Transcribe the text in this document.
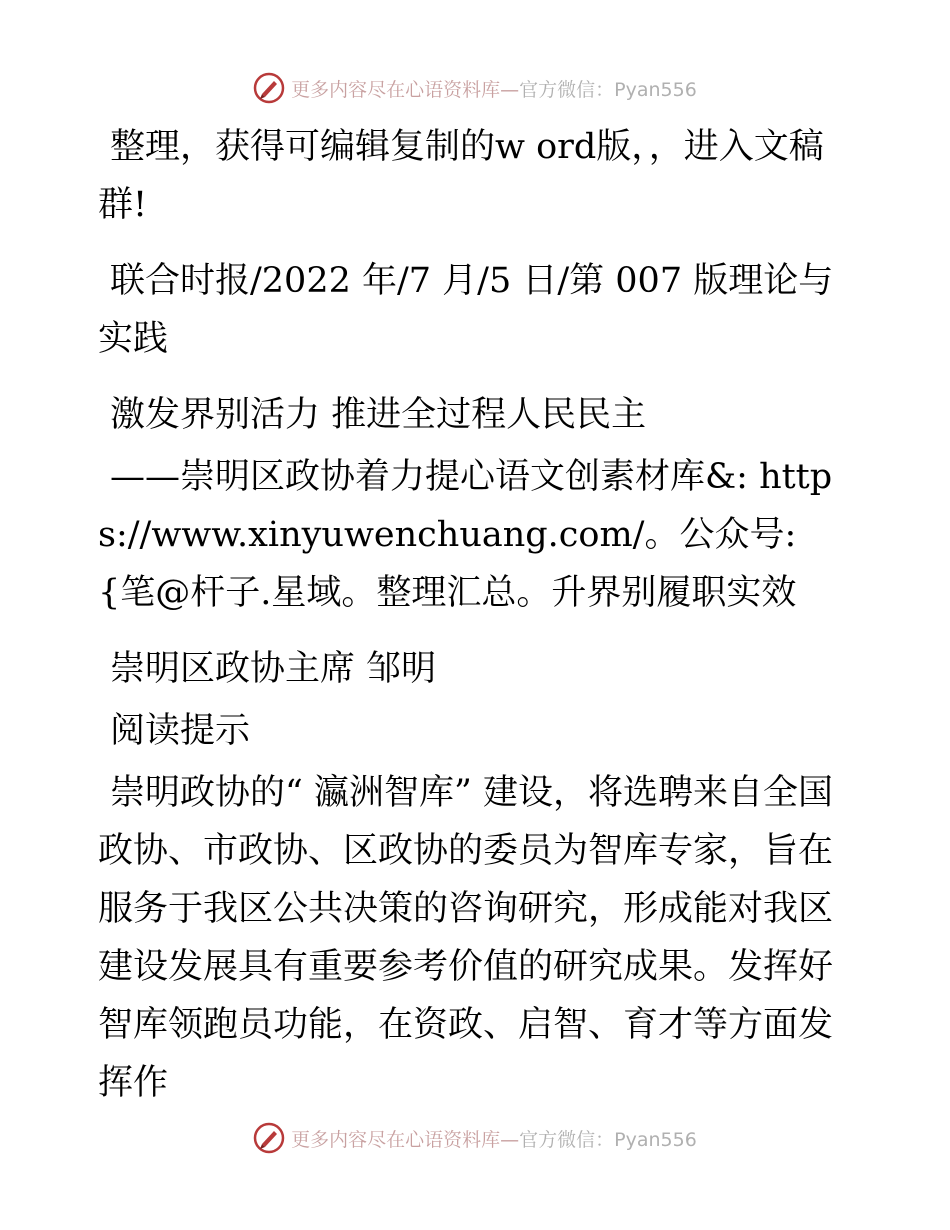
更多内容尽在心语资料库—官方微信：Pyan556

整理，获得可编辑复制的w ord版，，进入文稿群!

联合时报/2022 年/7 月/5 日/第 007 版理论与实践

激发界别活力 推进全过程人民民主

——崇明区政协着力提心语文创素材库&: https://www.xinyuwenchuang.com/。公众号: {笔@杆子.星域。整理汇总。升界别履职实效

崇明区政协主席 邹明

阅读提示

崇明政协的“ 瀛洲智库” 建设，将选聘来自全国政协、市政协、区政协的委员为智库专家，旨在服务于我区公共决策的咨询研究，形成能对我区建设发展具有重要参考价值的研究成果。发挥好智库领跑员功能，在资政、启智、育才等方面发挥作

更多内容尽在心语资料库—官方微信：Pyan556
